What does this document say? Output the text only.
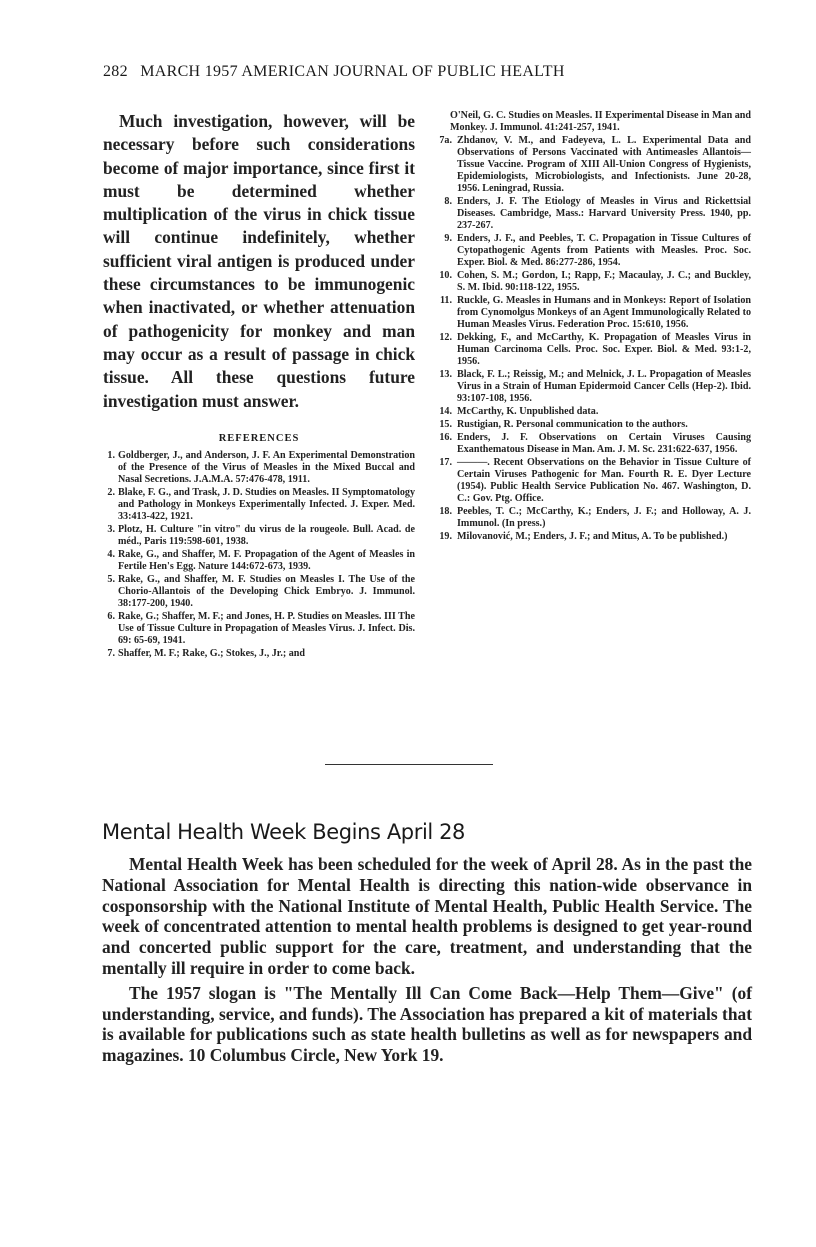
282 MARCH 1957 AMERICAN JOURNAL OF PUBLIC HEALTH

Much investigation, however, will be necessary before such considerations become of major importance, since first it must be determined whether multiplication of the virus in chick tissue will continue indefinitely, whether sufficient viral antigen is produced under these circumstances to be immunogenic when inactivated, or whether attenuation of pathogenicity for monkey and man may occur as a result of passage in chick tissue. All these questions future investigation must answer.

REFERENCES
1. Goldberger, J., and Anderson, J. F. An Experimental Demonstration of the Presence of the Virus of Measles in the Mixed Buccal and Nasal Secretions. J.A.M.A. 57:476-478, 1911.
2. Blake, F. G., and Trask, J. D. Studies on Measles. II Symptomatology and Pathology in Monkeys Experimentally Infected. J. Exper. Med. 33:413-422, 1921.
3. Plotz, H. Culture "in vitro" du virus de la rougeole. Bull. Acad. de méd., Paris 119:598-601, 1938.
4. Rake, G., and Shaffer, M. F. Propagation of the Agent of Measles in Fertile Hen's Egg. Nature 144:672-673, 1939.
5. Rake, G., and Shaffer, M. F. Studies on Measles I. The Use of the Chorio-Allantois of the Developing Chick Embryo. J. Immunol. 38:177-200, 1940.
6. Rake, G.; Shaffer, M. F.; and Jones, H. P. Studies on Measles. III The Use of Tissue Culture in Propagation of Measles Virus. J. Infect. Dis. 69: 65-69, 1941.
7. Shaffer, M. F.; Rake, G.; Stokes, J., Jr.; and
O'Neil, G. C. Studies on Measles. II Experimental Disease in Man and Monkey. J. Immunol. 41:241-257, 1941.
7a. Zhdanov, V. M., and Fadeyeva, L. L. Experimental Data and Observations of Persons Vaccinated with Antimeasles Allantois—Tissue Vaccine. Program of XIII All-Union Congress of Hygienists, Epidemiologists, Microbiologists, and Infectionists. June 20-28, 1956. Leningrad, Russia.
8. Enders, J. F. The Etiology of Measles in Virus and Rickettsial Diseases. Cambridge, Mass.: Harvard University Press. 1940, pp. 237-267.
9. Enders, J. F., and Peebles, T. C. Propagation in Tissue Cultures of Cytopathogenic Agents from Patients with Measles. Proc. Soc. Exper. Biol. & Med. 86:277-286, 1954.
10. Cohen, S. M.; Gordon, I.; Rapp, F.; Macaulay, J. C.; and Buckley, S. M. Ibid. 90:118-122, 1955.
11. Ruckle, G. Measles in Humans and in Monkeys: Report of Isolation from Cynomolgus Monkeys of an Agent Immunologically Related to Human Measles Virus. Federation Proc. 15:610, 1956.
12. Dekking, F., and McCarthy, K. Propagation of Measles Virus in Human Carcinoma Cells. Proc. Soc. Exper. Biol. & Med. 93:1-2, 1956.
13. Black, F. L.; Reissig, M.; and Melnick, J. L. Propagation of Measles Virus in a Strain of Human Epidermoid Cancer Cells (Hep-2). Ibid. 93:107-108, 1956.
14. McCarthy, K. Unpublished data.
15. Rustigian, R. Personal communication to the authors.
16. Enders, J. F. Observations on Certain Viruses Causing Exanthematous Disease in Man. Am. J. M. Sc. 231:622-637, 1956.
17. ———. Recent Observations on the Behavior in Tissue Culture of Certain Viruses Pathogenic for Man. Fourth R. E. Dyer Lecture (1954). Public Health Service Publication No. 467. Washington, D. C.: Gov. Ptg. Office.
18. Peebles, T. C.; McCarthy, K.; Enders, J. F.; and Holloway, A. J. Immunol. (In press.)
19. Milovanović, M.; Enders, J. F.; and Mitus, A. To be published.)
Mental Health Week Begins April 28

Mental Health Week has been scheduled for the week of April 28. As in the past the National Association for Mental Health is directing this nation-wide observance in cosponsorship with the National Institute of Mental Health, Public Health Service. The week of concentrated attention to mental health problems is designed to get year-round and concerted public support for the care, treatment, and understanding that the mentally ill require in order to come back.

The 1957 slogan is "The Mentally Ill Can Come Back—Help Them—Give" (of understanding, service, and funds). The Association has prepared a kit of materials that is available for publications such as state health bulletins as well as for newspapers and magazines. 10 Columbus Circle, New York 19.
